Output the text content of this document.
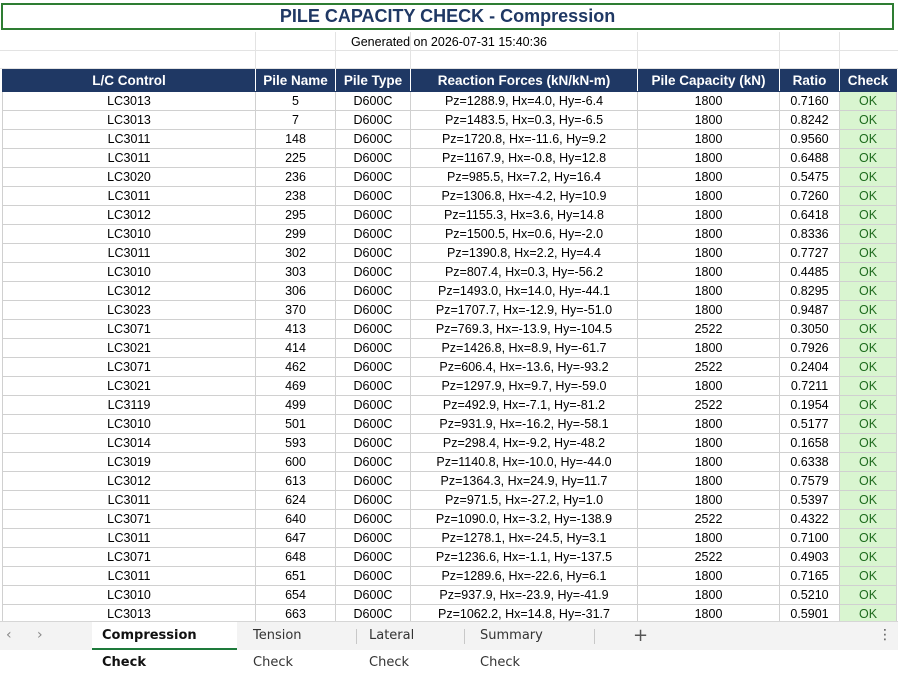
PILE CAPACITY CHECK - Compression
Generated on 2026-07-31 15:40:36
L/C Control	Pile Name	Pile Type	Reaction Forces (kN/kN-m)	Pile Capacity (kN)	Ratio	Check
LC3013	5	D600C	Pz=1288.9, Hx=4.0, Hy=-6.4	1800	0.7160	OK
LC3013	7	D600C	Pz=1483.5, Hx=0.3, Hy=-6.5	1800	0.8242	OK
LC3011	148	D600C	Pz=1720.8, Hx=-11.6, Hy=9.2	1800	0.9560	OK
LC3011	225	D600C	Pz=1167.9, Hx=-0.8, Hy=12.8	1800	0.6488	OK
LC3020	236	D600C	Pz=985.5, Hx=7.2, Hy=16.4	1800	0.5475	OK
LC3011	238	D600C	Pz=1306.8, Hx=-4.2, Hy=10.9	1800	0.7260	OK
LC3012	295	D600C	Pz=1155.3, Hx=3.6, Hy=14.8	1800	0.6418	OK
LC3010	299	D600C	Pz=1500.5, Hx=0.6, Hy=-2.0	1800	0.8336	OK
LC3011	302	D600C	Pz=1390.8, Hx=2.2, Hy=4.4	1800	0.7727	OK
LC3010	303	D600C	Pz=807.4, Hx=0.3, Hy=-56.2	1800	0.4485	OK
LC3012	306	D600C	Pz=1493.0, Hx=14.0, Hy=-44.1	1800	0.8295	OK
LC3023	370	D600C	Pz=1707.7, Hx=-12.9, Hy=-51.0	1800	0.9487	OK
LC3071	413	D600C	Pz=769.3, Hx=-13.9, Hy=-104.5	2522	0.3050	OK
LC3021	414	D600C	Pz=1426.8, Hx=8.9, Hy=-61.7	1800	0.7926	OK
LC3071	462	D600C	Pz=606.4, Hx=-13.6, Hy=-93.2	2522	0.2404	OK
LC3021	469	D600C	Pz=1297.9, Hx=9.7, Hy=-59.0	1800	0.7211	OK
LC3119	499	D600C	Pz=492.9, Hx=-7.1, Hy=-81.2	2522	0.1954	OK
LC3010	501	D600C	Pz=931.9, Hx=-16.2, Hy=-58.1	1800	0.5177	OK
LC3014	593	D600C	Pz=298.4, Hx=-9.2, Hy=-48.2	1800	0.1658	OK
LC3019	600	D600C	Pz=1140.8, Hx=-10.0, Hy=-44.0	1800	0.6338	OK
LC3012	613	D600C	Pz=1364.3, Hx=24.9, Hy=11.7	1800	0.7579	OK
LC3011	624	D600C	Pz=971.5, Hx=-27.2, Hy=1.0	1800	0.5397	OK
LC3071	640	D600C	Pz=1090.0, Hx=-3.2, Hy=-138.9	2522	0.4322	OK
LC3011	647	D600C	Pz=1278.1, Hx=-24.5, Hy=3.1	1800	0.7100	OK
LC3071	648	D600C	Pz=1236.6, Hx=-1.1, Hy=-137.5	2522	0.4903	OK
LC3011	651	D600C	Pz=1289.6, Hx=-22.6, Hy=6.1	1800	0.7165	OK
LC3010	654	D600C	Pz=937.9, Hx=-23.9, Hy=-41.9	1800	0.5210	OK
LC3013	663	D600C	Pz=1062.2, Hx=14.8, Hy=-31.7	1800	0.5901	OK
‹ ›	Compression Check
Tension Check
Lateral Check
Summary Check
+	⋮
